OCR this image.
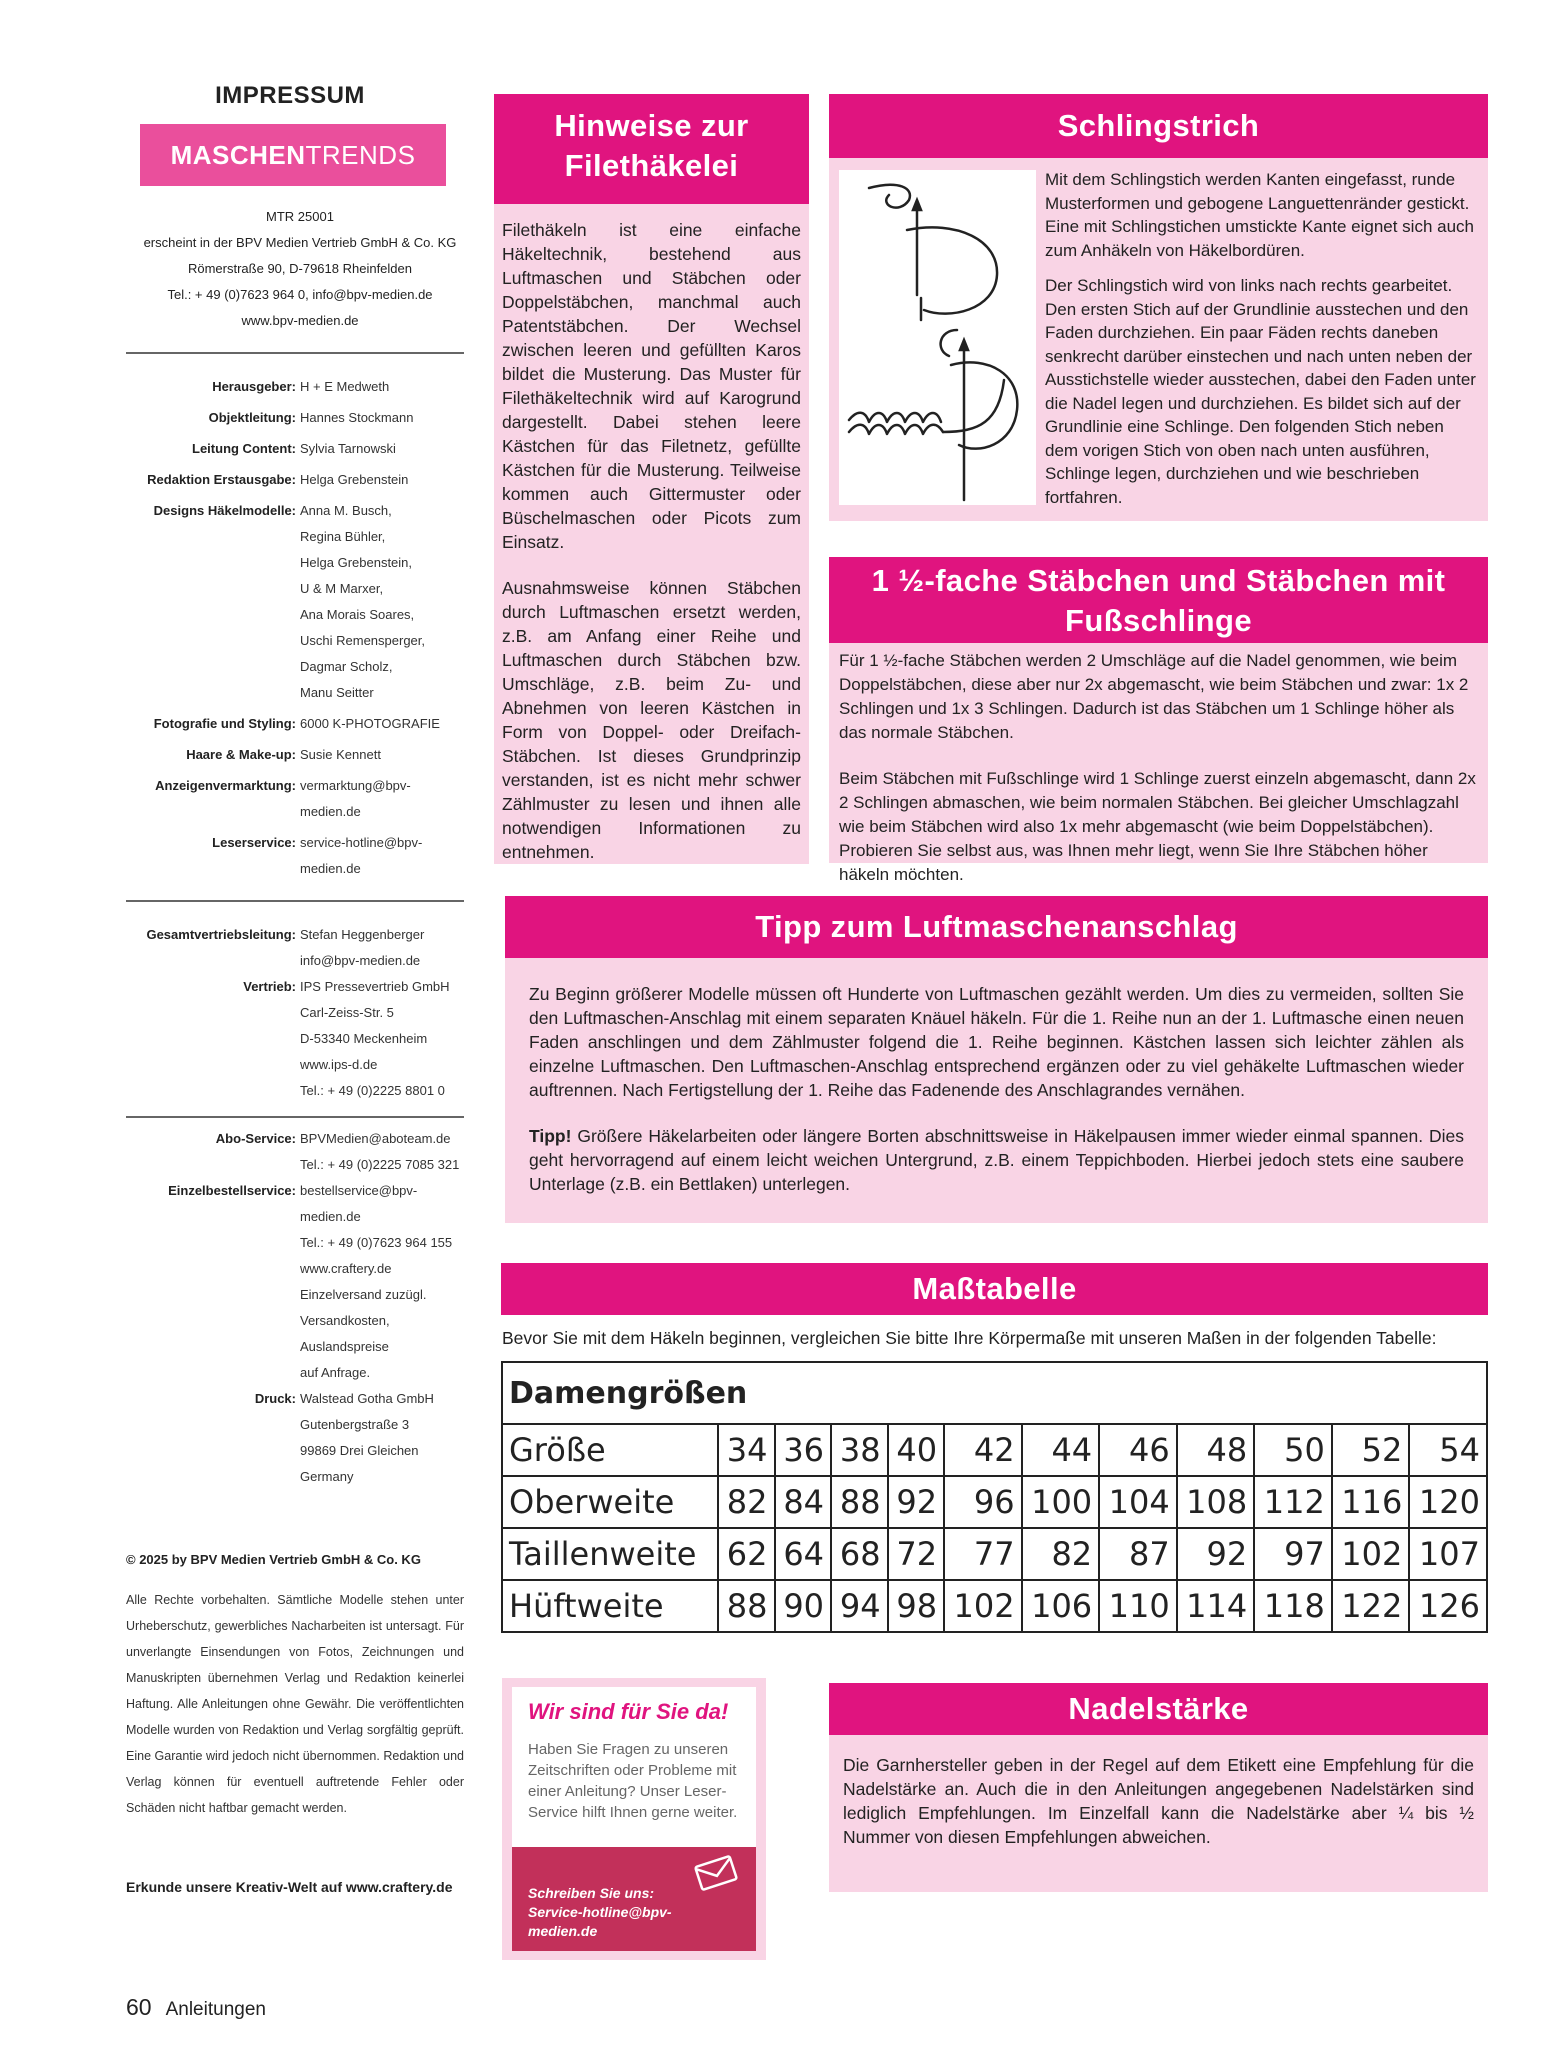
IMPRESSUM
MASCHEN TRENDS
MTR 25001
erscheint in der BPV Medien Vertrieb GmbH & Co. KG
Römerstraße 90, D-79618 Rheinfelden
Tel.: + 49 (0)7623 964 0, info@bpv-medien.de
www.bpv-medien.de
Herausgeber: H + E Medweth
Objektleitung: Hannes Stockmann
Leitung Content: Sylvia Tarnowski
Redaktion Erstausgabe: Helga Grebenstein
Designs Häkelmodelle: Anna M. Busch,
Regina Bühler,
Helga Grebenstein,
U & M Marxer,
Ana Morais Soares,
Uschi Remensperger,
Dagmar Scholz,
Manu Seitter
Fotografie und Styling: 6000 K-PHOTOGRAFIE
Haare & Make-up: Susie Kennett
Anzeigenvermarktung: vermarktung@bpv-medien.de
Leserservice: service-hotline@bpv-medien.de
Gesamtvertriebsleitung: Stefan Heggenberger
info@bpv-medien.de
Vertrieb: IPS Pressevertrieb GmbH
Carl-Zeiss-Str. 5
D-53340 Meckenheim
www.ips-d.de
Tel.: + 49 (0)2225 8801 0
Abo-Service: BPVMedien@aboteam.de
Tel.: + 49 (0)2225 7085 321
Einzelbestellservice: bestellservice@bpv-medien.de
Tel.: + 49 (0)7623 964 155
www.craftery.de
Einzelversand zuzügl.
Versandkosten, Auslandspreise
auf Anfrage.
Druck: Walstead Gotha GmbH
Gutenbergstraße 3
99869 Drei Gleichen
Germany
© 2025 by BPV Medien Vertrieb GmbH & Co. KG
Alle Rechte vorbehalten. Sämtliche Modelle stehen unter Urheberschutz, gewerbliches Nacharbeiten ist untersagt. Für unverlangte Einsendungen von Fotos, Zeichnungen und Manuskripten übernehmen Verlag und Redaktion keinerlei Haftung. Alle Anleitungen ohne Gewähr. Die veröffentlichten Modelle wurden von Redaktion und Verlag sorgfältig geprüft. Eine Garantie wird jedoch nicht übernommen. Redaktion und Verlag können für eventuell auftretende Fehler oder Schäden nicht haftbar gemacht werden.
Erkunde unsere Kreativ-Welt auf www.craftery.de
60 Anleitungen
Hinweise zur Filethäkelei

Filethäkeln ist eine einfache Häkeltechnik, bestehend aus Luftmaschen und Stäbchen oder Doppelstäbchen, manchmal auch Patentstäbchen. Der Wechsel zwischen leeren und gefüllten Karos bildet die Musterung. Das Muster für Filethäkeltechnik wird auf Karogrund dargestellt. Dabei stehen leere Kästchen für das Filetnetz, gefüllte Kästchen für die Musterung. Teilweise kommen auch Gittermuster oder Büschelmaschen oder Picots zum Einsatz.

Ausnahmsweise können Stäbchen durch Luftmaschen ersetzt werden, z.B. am Anfang einer Reihe und Luftmaschen durch Stäbchen bzw. Umschläge, z.B. beim Zu- und Abnehmen von leeren Kästchen in Form von Doppel- oder Dreifach-Stäbchen. Ist dieses Grundprinzip verstanden, ist es nicht mehr schwer Zählmuster zu lesen und ihnen alle notwendigen Informationen zu entnehmen.

Schlingstrich

Mit dem Schlingstich werden Kanten eingefasst, runde Musterformen und gebogene Languettenränder gestickt. Eine mit Schlingstichen umstickte Kante eignet sich auch zum Anhäkeln von Häkelbordüren.

Der Schlingstich wird von links nach rechts gearbeitet. Den ersten Stich auf der Grundlinie ausstechen und den Faden durchziehen. Ein paar Fäden rechts daneben senkrecht darüber einstechen und nach unten neben der Ausstichstelle wieder ausstechen, dabei den Faden unter die Nadel legen und durchziehen. Es bildet sich auf der Grundlinie eine Schlinge. Den folgenden Stich neben dem vorigen Stich von oben nach unten ausführen, Schlinge legen, durchziehen und wie beschrieben fortfahren.

1 ½-fache Stäbchen und Stäbchen mit Fußschlinge

Für 1 ½-fache Stäbchen werden 2 Umschläge auf die Nadel genommen, wie beim Doppelstäbchen, diese aber nur 2x abgemascht, wie beim Stäbchen und zwar: 1x 2 Schlingen und 1x 3 Schlingen. Dadurch ist das Stäbchen um 1 Schlinge höher als das normale Stäbchen.

Beim Stäbchen mit Fußschlinge wird 1 Schlinge zuerst einzeln abgemascht, dann 2x 2 Schlingen abmaschen, wie beim normalen Stäbchen. Bei gleicher Umschlagzahl wie beim Stäbchen wird also 1x mehr abgemascht (wie beim Doppelstäbchen). Probieren Sie selbst aus, was Ihnen mehr liegt, wenn Sie Ihre Stäbchen höher häkeln möchten.

Tipp zum Luftmaschenanschlag

Zu Beginn größerer Modelle müssen oft Hunderte von Luftmaschen gezählt werden. Um dies zu vermeiden, sollten Sie den Luftmaschen-Anschlag mit einem separaten Knäuel häkeln. Für die 1. Reihe nun an der 1. Luftmasche einen neuen Faden anschlingen und dem Zählmuster folgend die 1. Reihe beginnen. Kästchen lassen sich leichter zählen als einzelne Luftmaschen. Den Luftmaschen-Anschlag entsprechend ergänzen oder zu viel gehäkelte Luftmaschen wieder auftrennen. Nach Fertigstellung der 1. Reihe das Fadenende des Anschlagrandes vernähen.

Tipp! Größere Häkelarbeiten oder längere Borten abschnittsweise in Häkelpausen immer wieder einmal spannen. Dies geht hervorragend auf einem leicht weichen Untergrund, z.B. einem Teppichboden. Hierbei jedoch stets eine saubere Unterlage (z.B. ein Bettlaken) unterlegen.

Maßtabelle
Bevor Sie mit dem Häkeln beginnen, vergleichen Sie bitte Ihre Körpermaße mit unseren Maßen in der folgenden Tabelle:
Damengrößen											
Größe	34	36	38	40	42	44	46	48	50	52	54
Oberweite	82	84	88	92	96	100	104	108	112	116	120
Taillenweite	62	64	68	72	77	82	87	92	97	102	107
Hüftweite	88	90	94	98	102	106	110	114	118	122	126
Wir sind für Sie da!
Haben Sie Fragen zu unseren Zeitschriften oder Probleme mit einer Anleitung? Unser Leser-Service hilft Ihnen gerne weiter.
Schreiben Sie uns: Service-hotline@bpv-medien.de
Nadelstärke

Die Garnhersteller geben in der Regel auf dem Etikett eine Empfehlung für die Nadelstärke an. Auch die in den Anleitungen angegebenen Nadelstärken sind lediglich Empfehlungen. Im Einzelfall kann die Nadelstärke aber ¼ bis ½ Nummer von diesen Empfehlungen abweichen.
